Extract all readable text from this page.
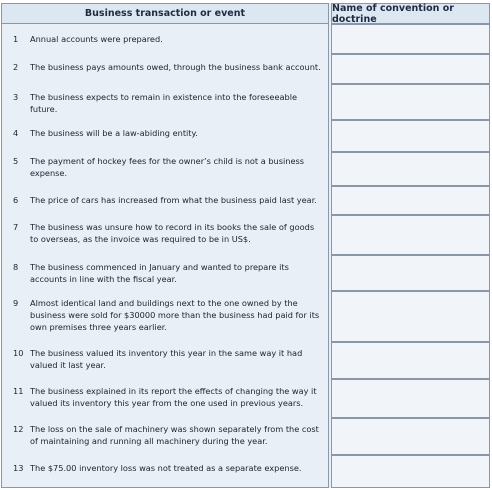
Business transaction or event	Name of convention or doctrine
1	Annual accounts were prepared.
2	The business pays amounts owed, through the business bank account.
3	The business expects to remain in existence into the foreseeable future.
4	The business will be a law-abiding entity.
5	The payment of hockey fees for the owner’s child is not a business expense.
6	The price of cars has increased from what the business paid last year.
7	The business was unsure how to record in its books the sale of goods to overseas, as the invoice was required to be in US$.
8	The business commenced in January and wanted to prepare its accounts in line with the fiscal year.
9	Almost identical land and buildings next to the one owned by the business were sold for $30000 more than the business had paid for its own premises three years earlier.
10 The business valued its inventory this year in the same way it had valued it last year.
11 The business explained in its report the effects of changing the way it valued its inventory this year from the one used in previous years.
12 The loss on the sale of machinery was shown separately from the cost of maintaining and running all machinery during the year.
13 The $75.00 inventory loss was not treated as a separate expense.
